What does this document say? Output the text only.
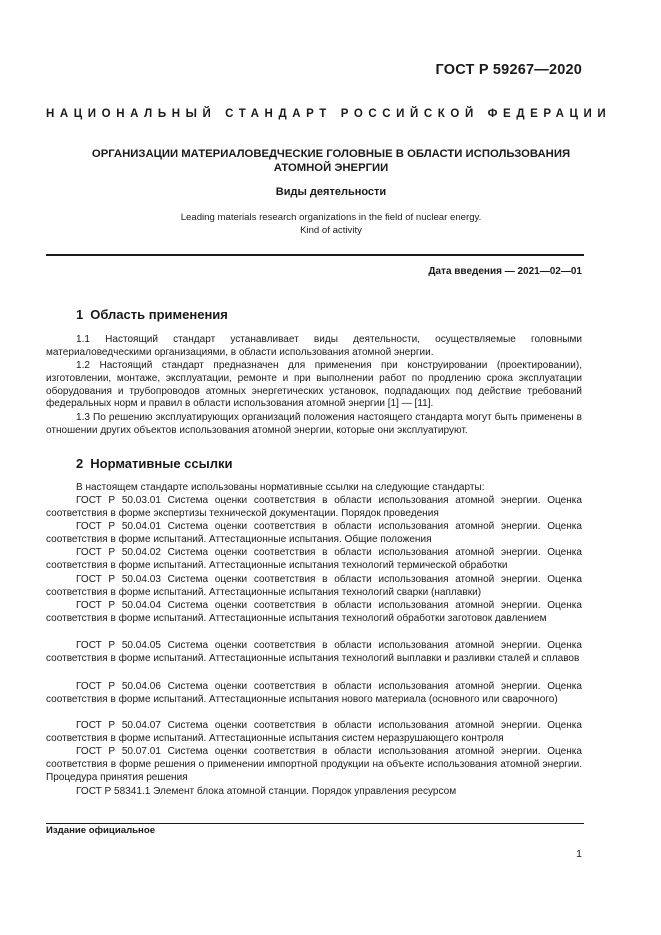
ГОСТ Р 59267—2020
НАЦИОНАЛЬНЫЙ СТАНДАРТ РОССИЙСКОЙ ФЕДЕРАЦИИ
ОРГАНИЗАЦИИ МАТЕРИАЛОВЕДЧЕСКИЕ ГОЛОВНЫЕ В ОБЛАСТИ ИСПОЛЬЗОВАНИЯ
АТОМНОЙ ЭНЕРГИИ
Виды деятельности
Leading materials research organizations in the field of nuclear energy.
Kind of activity
Дата введения — 2021—02—01
1 Область применения
1.1 Настоящий стандарт устанавливает виды деятельности, осуществляемые головными материаловедческими организациями, в области использования атомной энергии.
1.2 Настоящий стандарт предназначен для применения при конструировании (проектировании), изготовлении, монтаже, эксплуатации, ремонте и при выполнении работ по продлению срока эксплуатации оборудования и трубопроводов атомных энергетических установок, подпадающих под действие требований федеральных норм и правил в области использования атомной энергии [1] — [11].
1.3 По решению эксплуатирующих организаций положения настоящего стандарта могут быть применены в отношении других объектов использования атомной энергии, которые они эксплуатируют.
2 Нормативные ссылки
В настоящем стандарте использованы нормативные ссылки на следующие стандарты:
ГОСТ Р 50.03.01 Система оценки соответствия в области использования атомной энергии. Оценка соответствия в форме экспертизы технической документации. Порядок проведения
ГОСТ Р 50.04.01 Система оценки соответствия в области использования атомной энергии. Оценка соответствия в форме испытаний. Аттестационные испытания. Общие положения
ГОСТ Р 50.04.02 Система оценки соответствия в области использования атомной энергии. Оценка соответствия в форме испытаний. Аттестационные испытания технологий термической обработки
ГОСТ Р 50.04.03 Система оценки соответствия в области использования атомной энергии. Оценка соответствия в форме испытаний. Аттестационные испытания технологий сварки (наплавки)
ГОСТ Р 50.04.04 Система оценки соответствия в области использования атомной энергии. Оценка соответствия в форме испытаний. Аттестационные испытания технологий обработки заготовок давлением
ГОСТ Р 50.04.05 Система оценки соответствия в области использования атомной энергии. Оценка соответствия в форме испытаний. Аттестационные испытания технологий выплавки и разливки сталей и сплавов
ГОСТ Р 50.04.06 Система оценки соответствия в области использования атомной энергии. Оценка соответствия в форме испытаний. Аттестационные испытания нового материала (основного или сварочного)
ГОСТ Р 50.04.07 Система оценки соответствия в области использования атомной энергии. Оценка соответствия в форме испытаний. Аттестационные испытания систем неразрушающего контроля
ГОСТ Р 50.07.01 Система оценки соответствия в области использования атомной энергии. Оценка соответствия в форме решения о применении импортной продукции на объекте использования атомной энергии. Процедура принятия решения
ГОСТ Р 58341.1 Элемент блока атомной станции. Порядок управления ресурсом
Издание официальное
1
